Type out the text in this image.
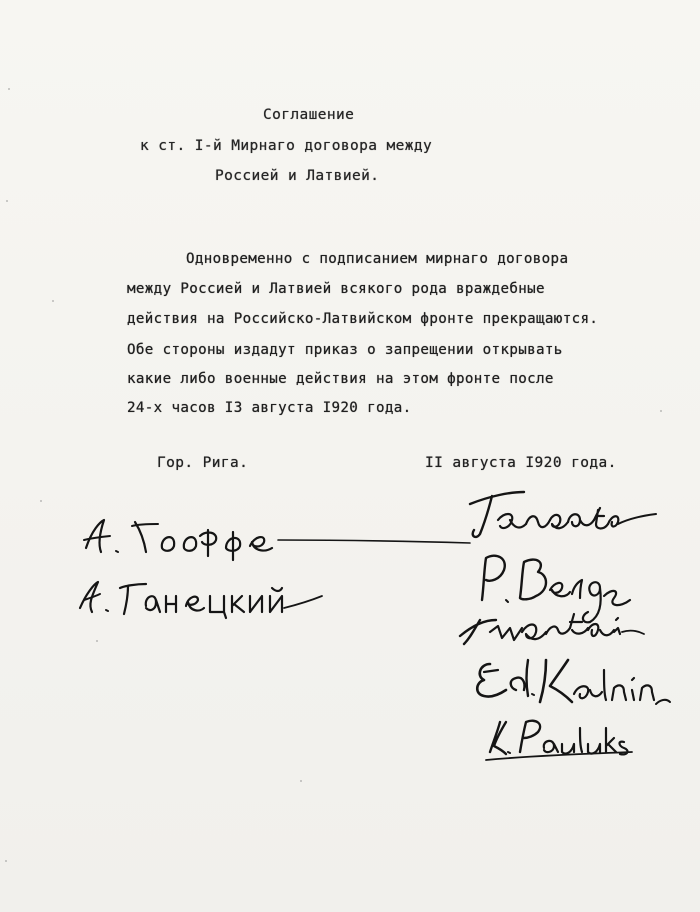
Соглашение
к ст. I-й Мирнаго договора между
Россией и Латвией.
Одновременно с подписанием мирнаго договора
между Россией и Латвией всякого рода враждебные
действия на Российско-Латвийском фронте прекращаются.
Обе стороны издадут приказ о запрещении открывать
какие либо военные действия на этом фронте после
24-х часов I3 августа I920 года.
Гор. Рига.	II августа I920 года.
